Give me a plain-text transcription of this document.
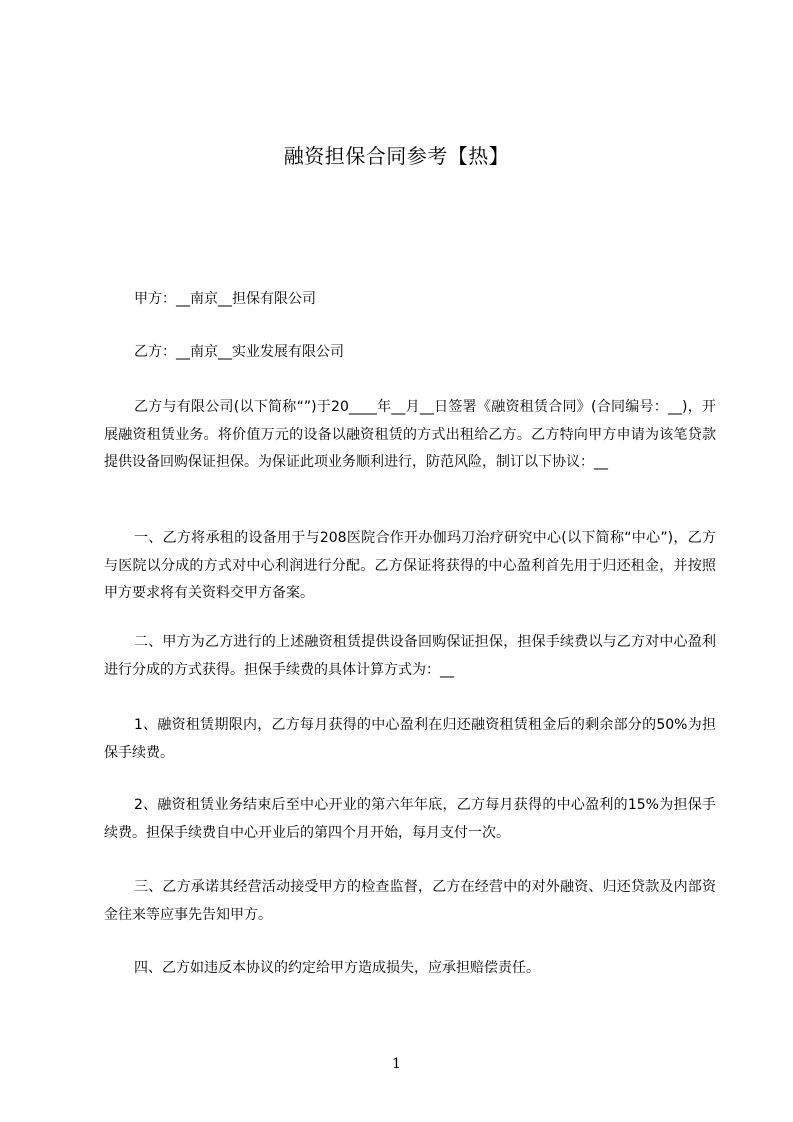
融资担保合同参考【热】
甲方：__南京__担保有限公司
乙方：__南京__实业发展有限公司
乙方与有限公司(以下简称“”)于20____年__月__日签署《融资租赁合同》(合同编号：__)，开展融资租赁业务。将价值万元的设备以融资租赁的方式出租给乙方。乙方特向甲方申请为该笔贷款提供设备回购保证担保。为保证此项业务顺利进行，防范风险，制订以下协议：__
一、乙方将承租的设备用于与208医院合作开办伽玛刀治疗研究中心(以下简称“中心”)，乙方与医院以分成的方式对中心利润进行分配。乙方保证将获得的中心盈利首先用于归还租金，并按照甲方要求将有关资料交甲方备案。
二、甲方为乙方进行的上述融资租赁提供设备回购保证担保，担保手续费以与乙方对中心盈利进行分成的方式获得。担保手续费的具体计算方式为：__
1、融资租赁期限内，乙方每月获得的中心盈利在归还融资租赁租金后的剩余部分的50%为担保手续费。
2、融资租赁业务结束后至中心开业的第六年年底，乙方每月获得的中心盈利的15%为担保手续费。担保手续费自中心开业后的第四个月开始，每月支付一次。
三、乙方承诺其经营活动接受甲方的检查监督，乙方在经营中的对外融资、归还贷款及内部资金往来等应事先告知甲方。
四、乙方如违反本协议的约定给甲方造成损失，应承担赔偿责任。
1
